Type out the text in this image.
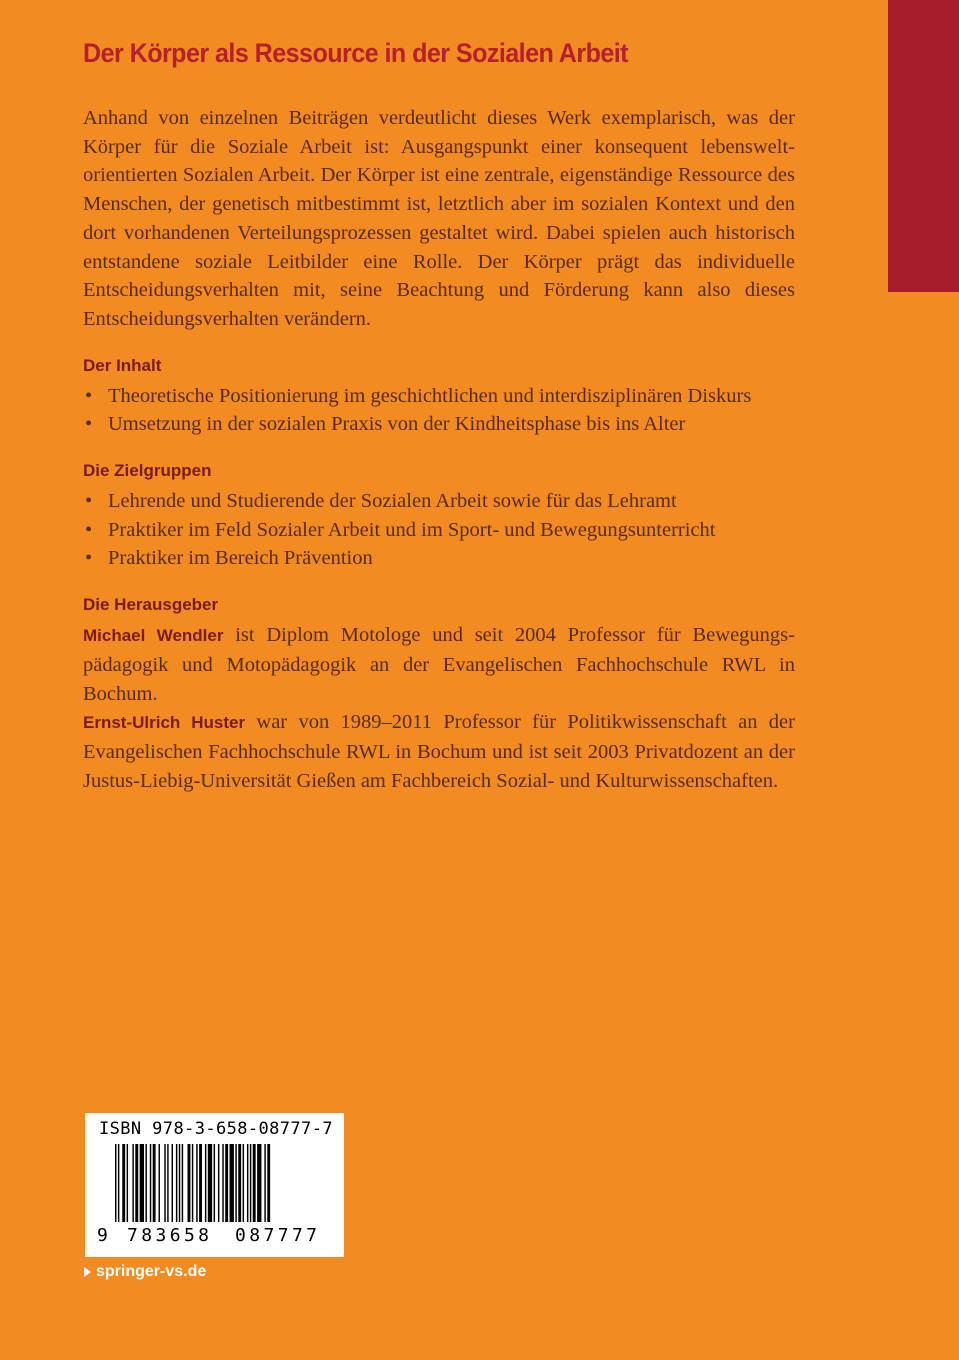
Der Körper als Ressource in der Sozialen Arbeit

Anhand von einzelnen Beiträgen verdeutlicht dieses Werk exemplarisch, was der Körper für die Soziale Arbeit ist: Ausgangspunkt einer konsequent lebensweltorientierten Sozialen Arbeit. Der Körper ist eine zentrale, eigenständige Ressource des Menschen, der genetisch mitbestimmt ist, letztlich aber im sozialen Kontext und den dort vorhandenen Verteilungsprozessen gestaltet wird. Dabei spielen auch historisch entstandene soziale Leitbilder eine Rolle. Der Körper prägt das individuelle Entscheidungsverhalten mit, seine Beachtung und Förderung kann also dieses Entscheidungsverhalten verändern.

Der Inhalt
• Theoretische Positionierung im geschichtlichen und interdisziplinären Diskurs
• Umsetzung in der sozialen Praxis von der Kindheitsphase bis ins Alter
Die Zielgruppen
• Lehrende und Studierende der Sozialen Arbeit sowie für das Lehramt
• Praktiker im Feld Sozialer Arbeit und im Sport- und Bewegungsunterricht
• Praktiker im Bereich Prävention
Die Herausgeber

Michael Wendler ist Diplom Motologe und seit 2004 Professor für Bewegungspädagogik und Motopädagogik an der Evangelischen Fachhochschule RWL in Bochum.

Ernst-Ulrich Huster war von 1989–2011 Professor für Politikwissenschaft an der Evangelischen Fachhochschule RWL in Bochum und ist seit 2003 Privatdozent an der Justus-Liebig-Universität Gießen am Fachbereich Sozial- und Kulturwissenschaften.

ISBN 978-3-658-08777-7
9 783658 087777
springer-vs.de
